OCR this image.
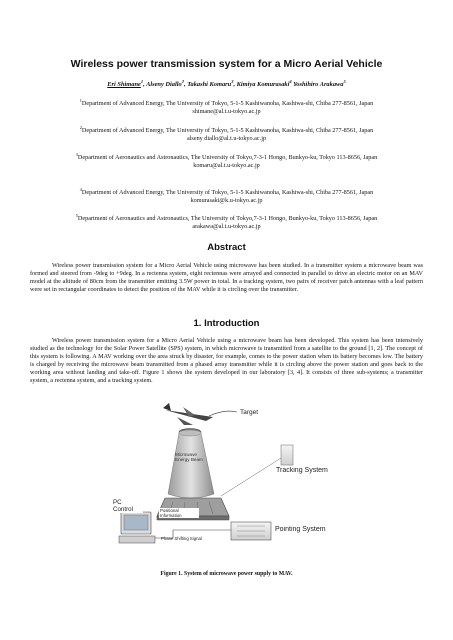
Wireless power transmission system for a Micro Aerial Vehicle
Eri Shimane$^1$, Alseny Diallo$^2$, Takashi Komaru$^3$, Kimiya Komurasaki$^4$ Yoshihiro Arakawa$^5$
$^1$Department of Advanced Energy, The University of Tokyo, 5-1-5 Kashiwanoha, Kashiwa-shi, Chiba 277-8561, Japan
shimane@al.t.u-tokyo.ac.jp
$^2$Department of Advanced Energy, The University of Tokyo, 5-1-5 Kashiwanoha, Kashiwa-shi, Chiba 277-8561, Japan
alseny diallo@al.t.u-tokyo.ac.jp
$^3$Department of Aeronautics and Astronautics, The University of Tokyo,7-3-1 Hongo, Bunkyo-ku, Tokyo 113-8656, Japan
komaru@al.t.u-tokyo.ac.jp
$^4$Department of Advanced Energy, The University of Tokyo, 5-1-5 Kashiwanoha, Kashiwa-shi, Chiba 277-8561, Japan
komurasaki@k.u-tokyo.ac.jp
$^5$Department of Aeronautics and Astronautics, The University of Tokyo,7-3-1 Hongo, Bunkyo-ku, Tokyo 113-8656, Japan
arakawa@al.t.u-tokyo.ac.jp
Abstract
Wireless power transmission system for a Micro Aerial Vehicle using microwave has been studied. In a transmitter system a microwave beam was formed and steered from -9deg to +9deg. In a rectenna system, eight rectennas were arrayed and connected in parallel to drive an electric motor on an MAV model at the altitude of 80cm from the transmitter emitting 3.5W power in total. In a tracking system, two pairs of receiver patch antennas with a leaf pattern were set in rectangular coordinates to detect the position of the MAV while it is circling over the transmitter.
1. Introduction
Wireless power transmission system for a Micro Aerial Vehicle using a microwave beam has been developed. This system has been intensively studied as the technology for the Solar Power Satellite (SPS) system, in which microwave is transmitted from a satellite to the ground [1, 2]. The concept of this system is following. A MAV working over the area struck by disaster, for example, comes to the power station when its battery becomes low. The battery is charged by receiving the microwave beam transmitted from a phased array transmitter while it is circling above the power station and goes back to the working area without landing and take-off. Figure 1 shows the system developed in our laboratory [3, 4]. It consists of three sub-systems; a transmitter system, a rectenna system, and a tracking system.
Target
Microwave Energy Beam
Tracking System
Positional Information
PC Control
Phase Shifting Signal
Pointing System
Figure 1. System of microwave power supply to MAV.
